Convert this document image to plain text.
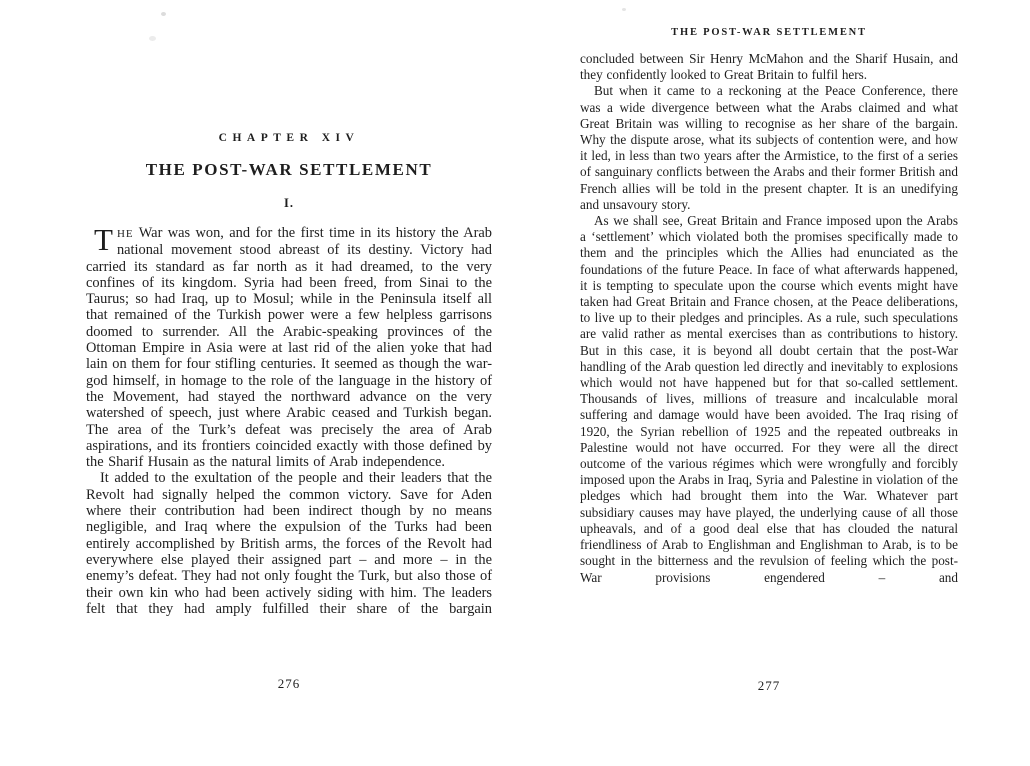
CHAPTER XIV
THE POST-WAR SETTLEMENT
I.

THE War was won, and for the first time in its history the Arab national movement stood abreast of its destiny. Victory had carried its standard as far north as it had dreamed, to the very confines of its kingdom. Syria had been freed, from Sinai to the Taurus; so had Iraq, up to Mosul; while in the Peninsula itself all that remained of the Turkish power were a few helpless garrisons doomed to surrender. All the Arabic-speaking provinces of the Ottoman Empire in Asia were at last rid of the alien yoke that had lain on them for four stifling centuries. It seemed as though the war-god himself, in homage to the role of the language in the history of the Movement, had stayed the northward advance on the very watershed of speech, just where Arabic ceased and Turkish began. The area of the Turk’s defeat was precisely the area of Arab aspirations, and its frontiers coincided exactly with those defined by the Sharif Husain as the natural limits of Arab independence.

It added to the exultation of the people and their leaders that the Revolt had signally helped the common victory. Save for Aden where their contribution had been indirect though by no means negligible, and Iraq where the expulsion of the Turks had been entirely accomplished by British arms, the forces of the Revolt had everywhere else played their assigned part – and more – in the enemy’s defeat. They had not only fought the Turk, but also those of their own kin who had been actively siding with him. The leaders felt that they had amply fulfilled their share of the bargain

276
THE POST-WAR SETTLEMENT

concluded between Sir Henry McMahon and the Sharif Husain, and they confidently looked to Great Britain to fulfil hers.

But when it came to a reckoning at the Peace Conference, there was a wide divergence between what the Arabs claimed and what Great Britain was willing to recognise as her share of the bargain. Why the dispute arose, what its subjects of contention were, and how it led, in less than two years after the Armistice, to the first of a series of sanguinary conflicts between the Arabs and their former British and French allies will be told in the present chapter. It is an unedifying and unsavoury story.

As we shall see, Great Britain and France imposed upon the Arabs a ‘settlement’ which violated both the promises specifically made to them and the principles which the Allies had enunciated as the foundations of the future Peace. In face of what afterwards happened, it is tempting to speculate upon the course which events might have taken had Great Britain and France chosen, at the Peace deliberations, to live up to their pledges and principles. As a rule, such speculations are valid rather as mental exercises than as contributions to history. But in this case, it is beyond all doubt certain that the post-War handling of the Arab question led directly and inevitably to explosions which would not have happened but for that so-called settlement. Thousands of lives, millions of treasure and incalculable moral suffering and damage would have been avoided. The Iraq rising of 1920, the Syrian rebellion of 1925 and the repeated outbreaks in Palestine would not have occurred. For they were all the direct outcome of the various régimes which were wrongfully and forcibly imposed upon the Arabs in Iraq, Syria and Palestine in violation of the pledges which had brought them into the War. Whatever part subsidiary causes may have played, the underlying cause of all those upheavals, and of a good deal else that has clouded the natural friendliness of Arab to Englishman and Englishman to Arab, is to be sought in the bitterness and the revulsion of feeling which the post-War provisions engendered – and

277
